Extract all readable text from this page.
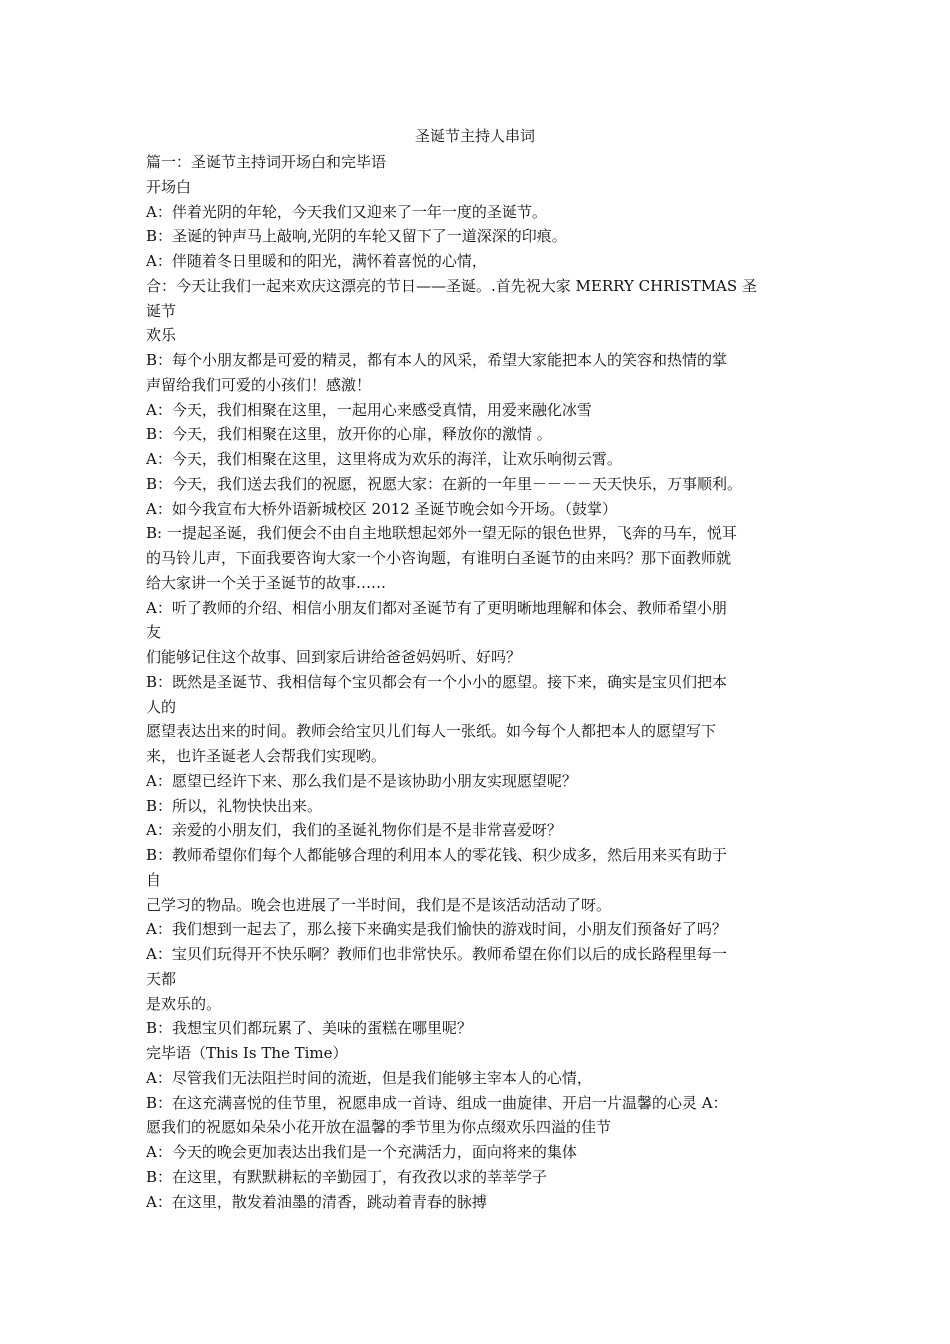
圣诞节主持人串词
篇一：圣诞节主持词开场白和完毕语
开场白
A：伴着光阴的年轮，今天我们又迎来了一年一度的圣诞节。
B：圣诞的钟声马上敲响,光阴的车轮又留下了一道深深的印痕。
A：伴随着冬日里暖和的阳光，满怀着喜悦的心情，
合：今天让我们一起来欢庆这漂亮的节日——圣诞。.首先祝大家 MERRY CHRISTMAS 圣
诞节
欢乐
B：每个小朋友都是可爱的精灵，都有本人的风采，希望大家能把本人的笑容和热情的掌
声留给我们可爱的小孩们！感激！
A：今天，我们相聚在这里，一起用心来感受真情，用爱来融化冰雪
B：今天，我们相聚在这里，放开你的心扉，释放你的激情 。
A：今天，我们相聚在这里，这里将成为欢乐的海洋，让欢乐响彻云霄。
B：今天，我们送去我们的祝愿，祝愿大家：在新的一年里－－－－天天快乐，万事顺利。
A：如今我宣布大桥外语新城校区 2012 圣诞节晚会如今开场。（鼓掌）
B: 一提起圣诞，我们便会不由自主地联想起郊外一望无际的银色世界，飞奔的马车，悦耳
的马铃儿声，下面我要咨询大家一个小咨询题，有谁明白圣诞节的由来吗？那下面教师就
给大家讲一个关于圣诞节的故事……
A：听了教师的介绍、相信小朋友们都对圣诞节有了更明晰地理解和体会、教师希望小朋
友
们能够记住这个故事、回到家后讲给爸爸妈妈听、好吗？
B：既然是圣诞节、我相信每个宝贝都会有一个小小的愿望。接下来，确实是宝贝们把本
人的
愿望表达出来的时间。教师会给宝贝儿们每人一张纸。如今每个人都把本人的愿望写下
来，也许圣诞老人会帮我们实现哟。
A：愿望已经许下来、那么我们是不是该协助小朋友实现愿望呢？
B：所以，礼物快快出来。
A：亲爱的小朋友们，我们的圣诞礼物你们是不是非常喜爱呀？
B：教师希望你们每个人都能够合理的利用本人的零花钱、积少成多，然后用来买有助于
自
己学习的物品。晚会也进展了一半时间，我们是不是该活动活动了呀。
A：我们想到一起去了，那么接下来确实是我们愉快的游戏时间，小朋友们预备好了吗？
A：宝贝们玩得开不快乐啊？教师们也非常快乐。教师希望在你们以后的成长路程里每一
天都
是欢乐的。
B：我想宝贝们都玩累了、美味的蛋糕在哪里呢？
完毕语（This Is The Time）
A：尽管我们无法阻拦时间的流逝，但是我们能够主宰本人的心情，
B：在这充满喜悦的佳节里，祝愿串成一首诗、组成一曲旋律、开启一片温馨的心灵 A：
愿我们的祝愿如朵朵小花开放在温馨的季节里为你点缀欢乐四溢的佳节
A：今天的晚会更加表达出我们是一个充满活力，面向将来的集体
B：在这里，有默默耕耘的辛勤园丁，有孜孜以求的莘莘学子
A：在这里，散发着油墨的清香，跳动着青春的脉搏
